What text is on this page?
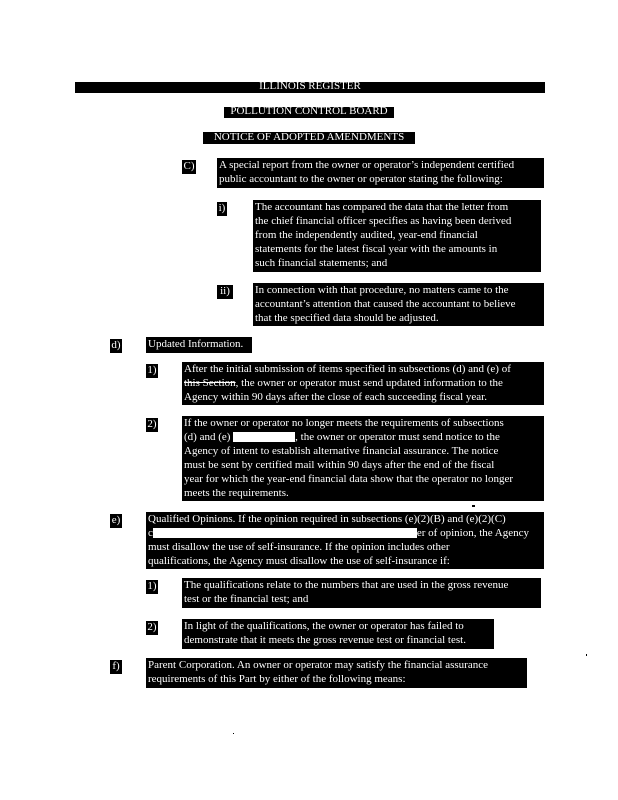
ILLINOIS REGISTER
POLLUTION CONTROL BOARD
NOTICE OF ADOPTED AMENDMENTS
C) A special report from the owner or operator’s independent certified
public accountant to the owner or operator stating the following:
i)	The accountant has compared the data that the letter from
the chief financial officer specifies as having been derived
from the independently audited, year-end financial
statements for the latest fiscal year with the amounts in
such financial statements; and
ii) In connection with that procedure, no matters came to the
accountant’s attention that caused the accountant to believe
that the specified data should be adjusted.
d) Updated Information.
1) After the initial submission of items specified in subsections (d) and (e) of
this Section, the owner or operator must send updated information to the
Agency within 90 days after the close of each succeeding fiscal year.
2) If the owner or operator no longer meets the requirements of subsections
(d) and (e)	, the owner or operator must send notice to the
Agency of intent to establish alternative financial assurance. The notice
must be sent by certified mail within 90 days after the end of the fiscal
year for which the year-end financial data show that the operator no longer
meets the requirements.
e)	Qualified Opinions. If the opinion required in subsections (e)(2)(B) and (e)(2)(C)
c	er of opinion, the Agency
must disallow the use of self-insurance. If the opinion includes other
qualifications, the Agency must disallow the use of self-insurance if:
1) The qualifications relate to the numbers that are used in the gross revenue
test or the financial test; and
2) In light of the qualifications, the owner or operator has failed to
demonstrate that it meets the gross revenue test or financial test.
f)	Parent Corporation. An owner or operator may satisfy the financial assurance
requirements of this Part by either of the following means:
